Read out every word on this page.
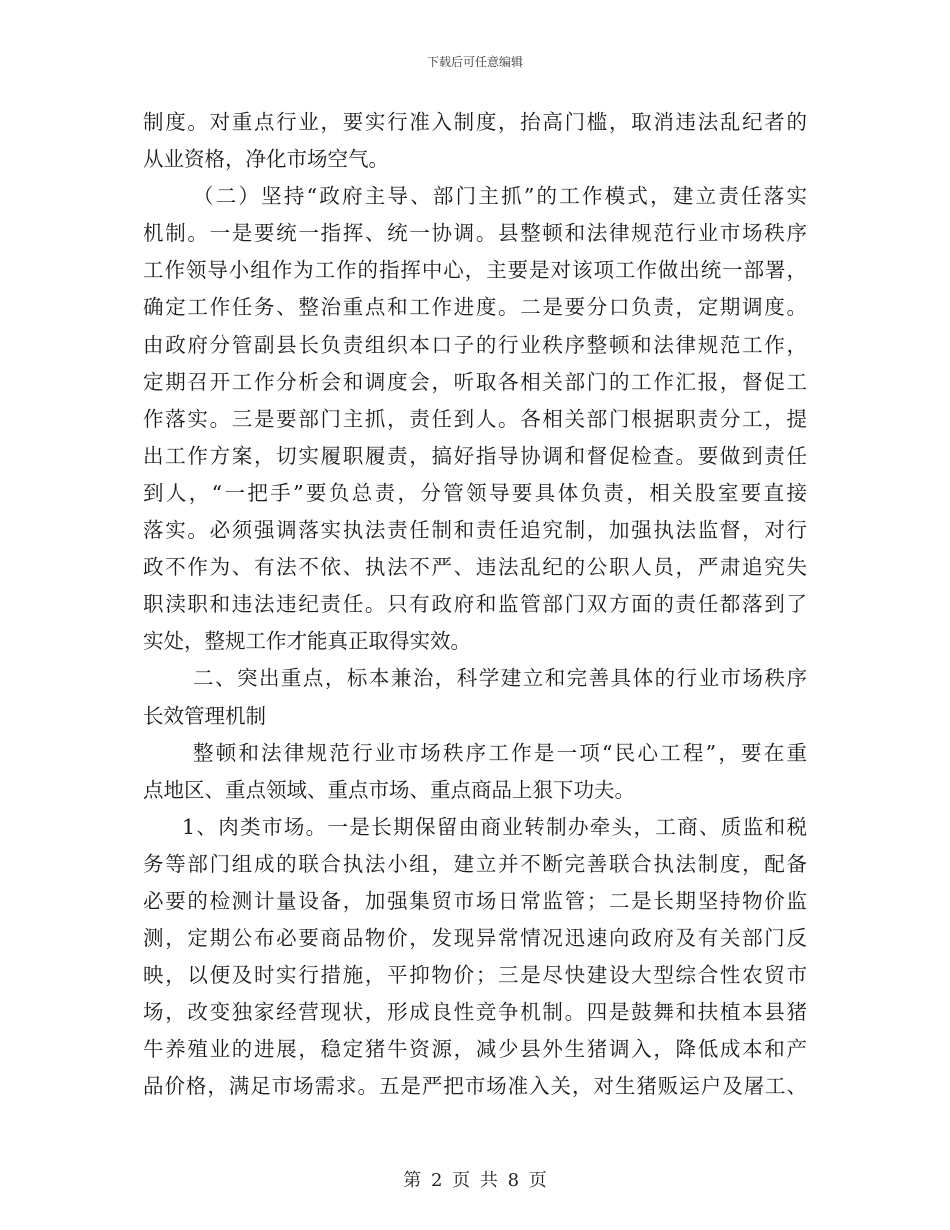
下载后可任意编辑
制度。对重点行业，要实行准入制度，抬高门槛，取消违法乱纪者的
从业资格，净化市场空气。
（二）坚持“政府主导、部门主抓”的工作模式，建立责任落实
机制。一是要统一指挥、统一协调。县整顿和法律规范行业市场秩序
工作领导小组作为工作的指挥中心，主要是对该项工作做出统一部署，
确定工作任务、整治重点和工作进度。二是要分口负责，定期调度。
由政府分管副县长负责组织本口子的行业秩序整顿和法律规范工作，
定期召开工作分析会和调度会，听取各相关部门的工作汇报，督促工
作落实。三是要部门主抓，责任到人。各相关部门根据职责分工，提
出工作方案，切实履职履责，搞好指导协调和督促检查。要做到责任
到人，“一把手”要负总责，分管领导要具体负责，相关股室要直接
落实。必须强调落实执法责任制和责任追究制，加强执法监督，对行
政不作为、有法不依、执法不严、违法乱纪的公职人员，严肃追究失
职渎职和违法违纪责任。只有政府和监管部门双方面的责任都落到了
实处，整规工作才能真正取得实效。
二、突出重点，标本兼治，科学建立和完善具体的行业市场秩序
长效管理机制
整顿和法律规范行业市场秩序工作是一项“民心工程”，要在重
点地区、重点领域、重点市场、重点商品上狠下功夫。
1、肉类市场。一是长期保留由商业转制办牵头，工商、质监和税
务等部门组成的联合执法小组，建立并不断完善联合执法制度，配备
必要的检测计量设备，加强集贸市场日常监管；二是长期坚持物价监
测，定期公布必要商品物价，发现异常情况迅速向政府及有关部门反
映，以便及时实行措施，平抑物价；三是尽快建设大型综合性农贸市
场，改变独家经营现状，形成良性竞争机制。四是鼓舞和扶植本县猪
牛养殖业的进展，稳定猪牛资源，减少县外生猪调入，降低成本和产
品价格，满足市场需求。五是严把市场准入关，对生猪贩运户及屠工、
第 2 页 共 8 页
